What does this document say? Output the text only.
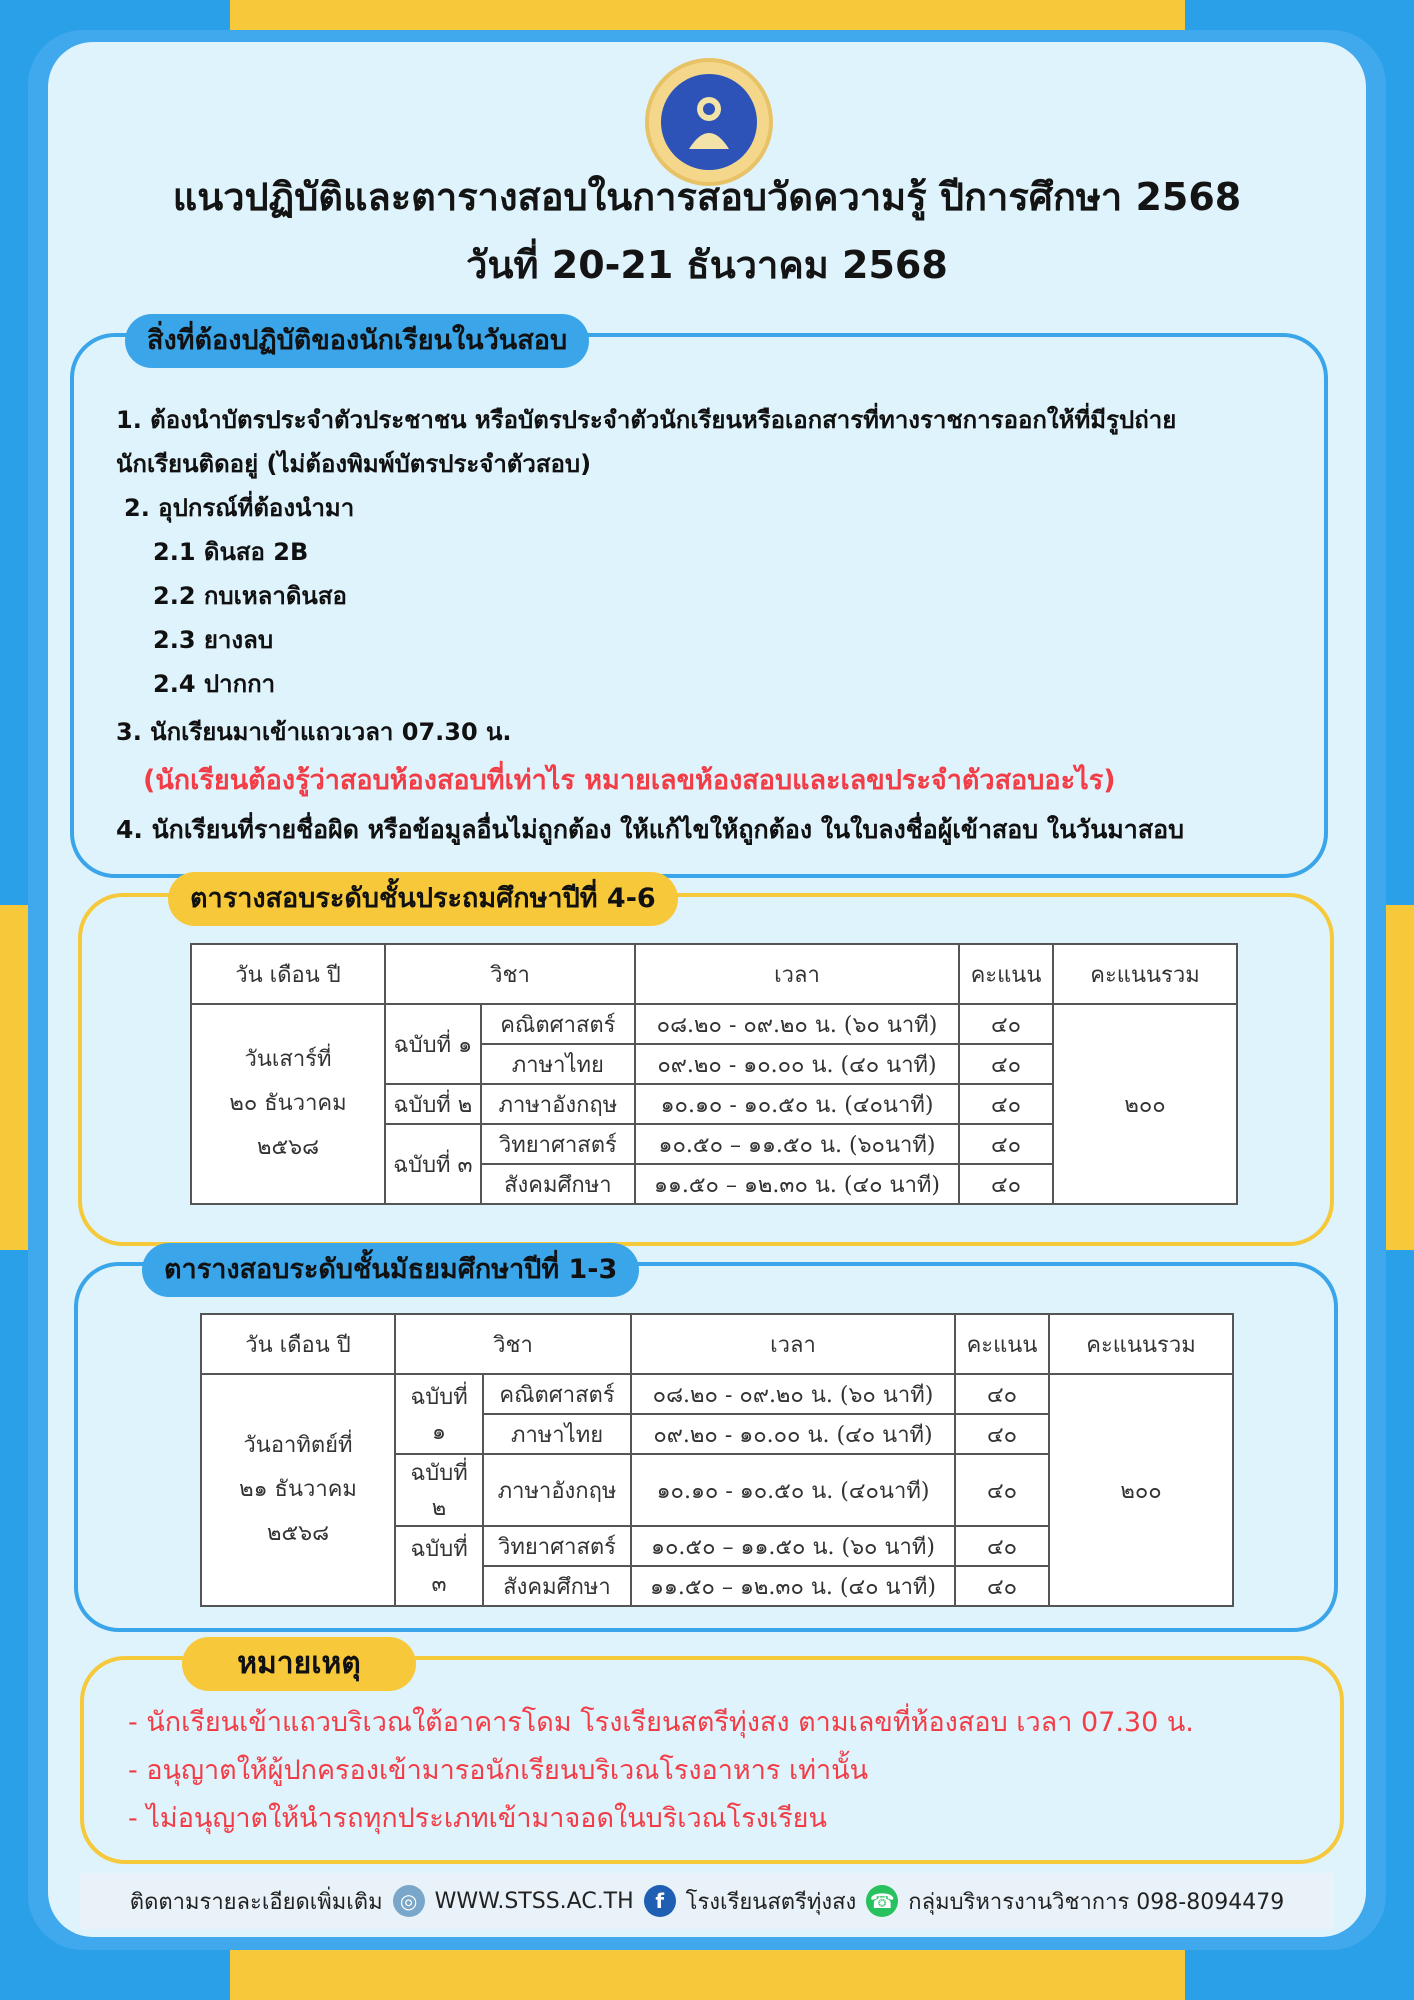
แนวปฏิบัติและตารางสอบในการสอบวัดความรู้ ปีการศึกษา 2568
วันที่ 20-21 ธันวาคม 2568
สิ่งที่ต้องปฏิบัติของนักเรียนในวันสอบ
1. ต้องนำบัตรประจำตัวประชาชน หรือบัตรประจำตัวนักเรียนหรือเอกสารที่ทางราชการออกให้ที่มีรูปถ่าย
นักเรียนติดอยู่ (ไม่ต้องพิมพ์บัตรประจำตัวสอบ)
2. อุปกรณ์ที่ต้องนำมา
2.1 ดินสอ 2B
2.2 กบเหลาดินสอ
2.3 ยางลบ
2.4 ปากกา
3. นักเรียนมาเข้าแถวเวลา 07.30 น.
(นักเรียนต้องรู้ว่าสอบห้องสอบที่เท่าไร หมายเลขห้องสอบและเลขประจำตัวสอบอะไร)
4. นักเรียนที่รายชื่อผิด หรือข้อมูลอื่นไม่ถูกต้อง ให้แก้ไขให้ถูกต้อง ในใบลงชื่อผู้เข้าสอบ ในวันมาสอบ
ตารางสอบระดับชั้นประถมศึกษาปีที่ 4-6
วัน เดือน ปี	วิชา		เวลา	คะแนน	คะแนนรวม

วันเสาร์ที่
๒๐ ธันวาคม
๒๕๖๘	ฉบับที่ ๑	คณิตศาสตร์	๐๘.๒๐ - ๐๙.๒๐ น. (๖๐ นาที)	๔๐	๒๐๐
		ภาษาไทย	๐๙.๒๐ - ๑๐.๐๐ น. (๔๐ นาที)	๔๐	
	ฉบับที่ ๒	ภาษาอังกฤษ	๑๐.๑๐ - ๑๐.๕๐ น. (๔๐นาที)	๔๐	
	ฉบับที่ ๓	วิทยาศาสตร์	๑๐.๕๐ – ๑๑.๕๐ น. (๖๐นาที)	๔๐	
		สังคมศึกษา	๑๑.๕๐ – ๑๒.๓๐ น. (๔๐ นาที)	๔๐	
ตารางสอบระดับชั้นมัธยมศึกษาปีที่ 1-3
วัน เดือน ปี	วิชา		เวลา	คะแนน	คะแนนรวม

วันอาทิตย์ที่
๒๑ ธันวาคม
๒๕๖๘	ฉบับที่ ๑	คณิตศาสตร์	๐๘.๒๐ - ๐๙.๒๐ น. (๖๐ นาที)	๔๐	๒๐๐
		ภาษาไทย	๐๙.๒๐ - ๑๐.๐๐ น. (๔๐ นาที)	๔๐	
	ฉบับที่ ๒	ภาษาอังกฤษ	๑๐.๑๐ - ๑๐.๕๐ น. (๔๐นาที)	๔๐	
	ฉบับที่ ๓	วิทยาศาสตร์	๑๐.๕๐ – ๑๑.๕๐ น. (๖๐ นาที)	๔๐	
		สังคมศึกษา	๑๑.๕๐ – ๑๒.๓๐ น. (๔๐ นาที)	๔๐	
หมายเหตุ
- นักเรียนเข้าแถวบริเวณใต้อาคารโดม โรงเรียนสตรีทุ่งสง ตามเลขที่ห้องสอบ เวลา 07.30 น.
- อนุญาตให้ผู้ปกครองเข้ามารอนักเรียนบริเวณโรงอาหาร เท่านั้น
- ไม่อนุญาตให้นำรถทุกประเภทเข้ามาจอดในบริเวณโรงเรียน
ติดตามรายละเอียดเพิ่มเติม ◎ WWW.STSS.AC.TH	f โรงเรียนสตรีทุ่งสง ☎ กลุ่มบริหารงานวิชาการ 098-8094479
